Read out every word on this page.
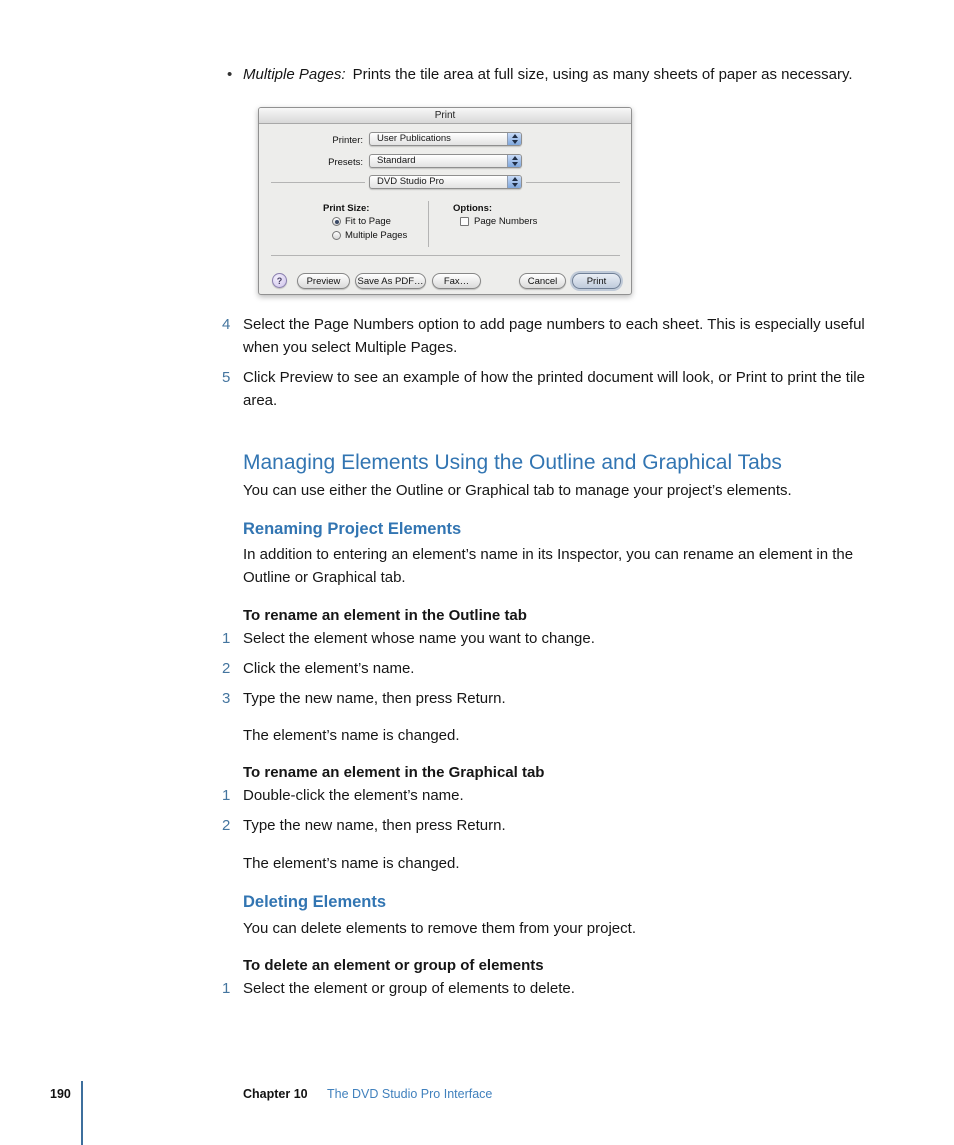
• Multiple Pages: Prints the tile area at full size, using as many sheets of paper as necessary.
Print
Printer: User Publications
Presets: Standard
DVD Studio Pro
Print Size:
Fit to Page
Multiple Pages
Options:
Page Numbers
?	Preview	Save As PDF…	Fax…	Cancel	Print
4 Select the Page Numbers option to add page numbers to each sheet. This is especially useful when you select Multiple Pages.
5 Click Preview to see an example of how the printed document will look, or Print to print the tile area.
Managing Elements Using the Outline and Graphical Tabs
You can use either the Outline or Graphical tab to manage your project’s elements.
Renaming Project Elements
In addition to entering an element’s name in its Inspector, you can rename an element in the Outline or Graphical tab.
To rename an element in the Outline tab
1 Select the element whose name you want to change.
2 Click the element’s name.
3 Type the new name, then press Return.
The element’s name is changed.
To rename an element in the Graphical tab
1 Double-click the element’s name.
2 Type the new name, then press Return.
The element’s name is changed.
Deleting Elements
You can delete elements to remove them from your project.
To delete an element or group of elements
1 Select the element or group of elements to delete.
190	Chapter 10 The DVD Studio Pro Interface
